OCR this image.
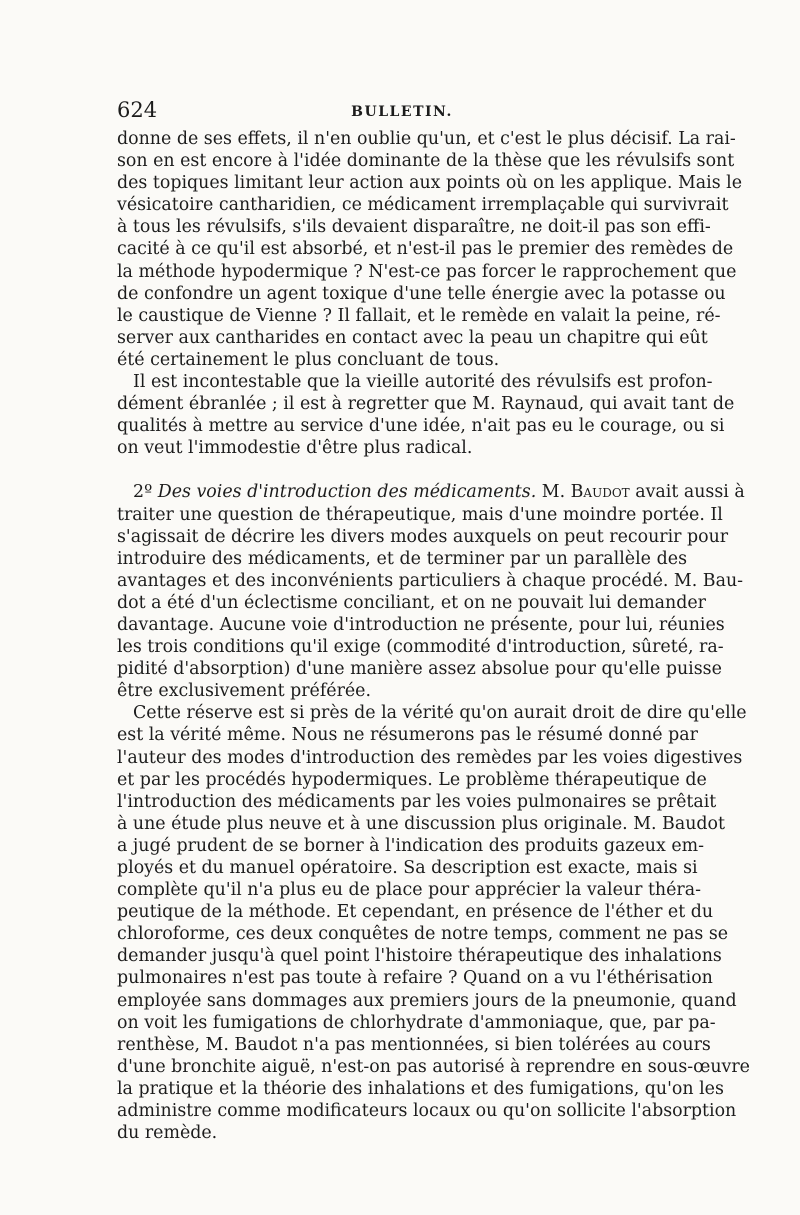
624	BULLETIN.

donne de ses effets, il n'en oublie qu'un, et c'est le plus décisif. La rai-
son en est encore à l'idée dominante de la thèse que les révulsifs sont
des topiques limitant leur action aux points où on les applique. Mais le
vésicatoire cantharidien, ce médicament irremplaçable qui survivrait
à tous les révulsifs, s'ils devaient disparaître, ne doit-il pas son effi-
cacité à ce qu'il est absorbé, et n'est-il pas le premier des remèdes de
la méthode hypodermique ? N'est-ce pas forcer le rapprochement que
de confondre un agent toxique d'une telle énergie avec la potasse ou
le caustique de Vienne ? Il fallait, et le remède en valait la peine, ré-
server aux cantharides en contact avec la peau un chapitre qui eût
été certainement le plus concluant de tous.

Il est incontestable que la vieille autorité des révulsifs est profon-
dément ébranlée ; il est à regretter que M. Raynaud, qui avait tant de
qualités à mettre au service d'une idée, n'ait pas eu le courage, ou si
on veut l'immodestie d'être plus radical.

2º Des voies d'introduction des médicaments. M. Baudot avait aussi à
traiter une question de thérapeutique, mais d'une moindre portée. Il
s'agissait de décrire les divers modes auxquels on peut recourir pour
introduire des médicaments, et de terminer par un parallèle des
avantages et des inconvénients particuliers à chaque procédé. M. Bau-
dot a été d'un éclectisme conciliant, et on ne pouvait lui demander
davantage. Aucune voie d'introduction ne présente, pour lui, réunies
les trois conditions qu'il exige (commodité d'introduction, sûreté, ra-
pidité d'absorption) d'une manière assez absolue pour qu'elle puisse
être exclusivement préférée.

Cette réserve est si près de la vérité qu'on aurait droit de dire qu'elle
est la vérité même. Nous ne résumerons pas le résumé donné par
l'auteur des modes d'introduction des remèdes par les voies digestives
et par les procédés hypodermiques. Le problème thérapeutique de
l'introduction des médicaments par les voies pulmonaires se prêtait
à une étude plus neuve et à une discussion plus originale. M. Baudot
a jugé prudent de se borner à l'indication des produits gazeux em-
ployés et du manuel opératoire. Sa description est exacte, mais si
complète qu'il n'a plus eu de place pour apprécier la valeur théra-
peutique de la méthode. Et cependant, en présence de l'éther et du
chloroforme, ces deux conquêtes de notre temps, comment ne pas se
demander jusqu'à quel point l'histoire thérapeutique des inhalations
pulmonaires n'est pas toute à refaire ? Quand on a vu l'éthérisation
employée sans dommages aux premiers jours de la pneumonie, quand
on voit les fumigations de chlorhydrate d'ammoniaque, que, par pa-
renthèse, M. Baudot n'a pas mentionnées, si bien tolérées au cours
d'une bronchite aiguë, n'est-on pas autorisé à reprendre en sous-œuvre
la pratique et la théorie des inhalations et des fumigations, qu'on les
administre comme modificateurs locaux ou qu'on sollicite l'absorption
du remède.
